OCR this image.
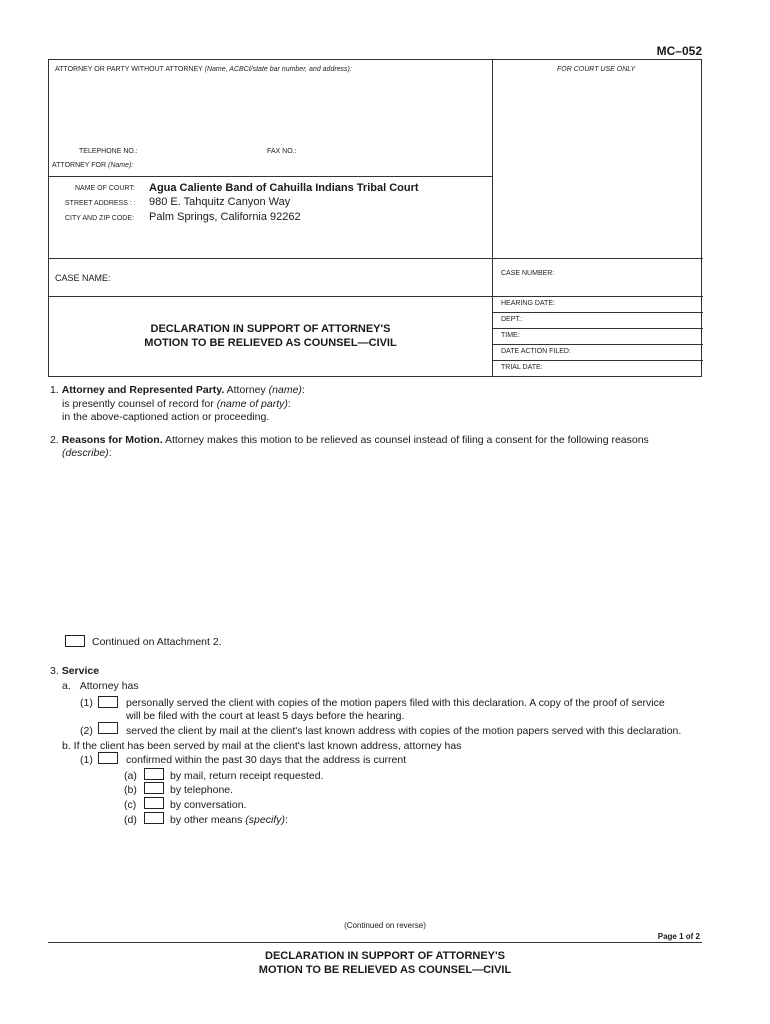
MC–052
ATTORNEY OR PARTY WITHOUT ATTORNEY (Name, ACBCI/state bar number, and address):	FOR COURT USE ONLY
TELEPHONE NO.:	FAX NO.:
ATTORNEY FOR (Name):
NAME OF COURT: Agua Caliente Band of Cahuilla Indians Tribal Court
STREET ADDRESS : : 980 E. Tahquitz Canyon Way
CITY AND ZIP CODE: Palm Springs, California 92262
CASE NAME:	CASE NUMBER:
HEARING DATE:
DEPT.:
TIME:
DATE ACTION FILED:
TRIAL DATE:
DECLARATION IN SUPPORT OF ATTORNEY'S
MOTION TO BE RELIEVED AS COUNSEL—CIVIL
1. Attorney and Represented Party. Attorney (name):
is presently counsel of record for (name of party):
in the above-captioned action or proceeding.
2. Reasons for Motion. Attorney makes this motion to be relieved as counsel instead of filing a consent for the following reasons
(describe):
Continued on Attachment 2.
3. Service
a. Attorney has
(1)	personally served the client with copies of the motion papers filed with this declaration. A copy of the proof of service
will be filed with the court at least 5 days before the hearing.
(2)	served the client by mail at the client's last known address with copies of the motion papers served with this declaration.
b. If the client has been served by mail at the client's last known address, attorney has
(1)	confirmed within the past 30 days that the address is current
(a)	by mail, return receipt requested.
(b)	by telephone.
(c)	by conversation.
(d)	by other means (specify):
(Continued on reverse)
Page 1 of 2
DECLARATION IN SUPPORT OF ATTORNEY'S
MOTION TO BE RELIEVED AS COUNSEL—CIVIL
